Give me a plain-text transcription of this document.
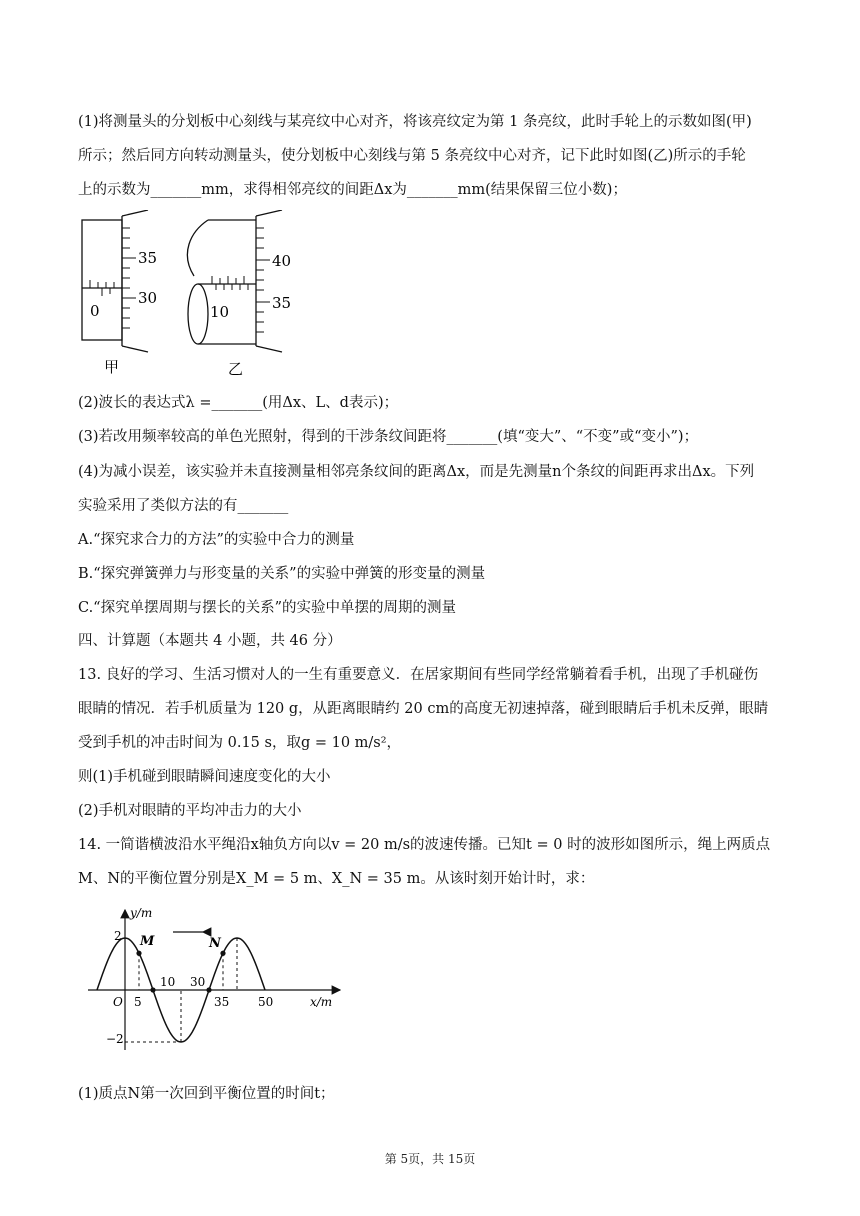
(1)将测量头的分划板中心刻线与某亮纹中心对齐，将该亮纹定为第 1 条亮纹，此时手轮上的示数如图(甲)
所示；然后同方向转动测量头，使分划板中心刻线与第 5 条亮纹中心对齐，记下此时如图(乙)所示的手轮
上的示数为_______mm，求得相邻亮纹的间距Δx为_______mm(结果保留三位小数)；
35
30
0
甲
40
35
10
乙
(2)波长的表达式λ =_______(用Δx、L、d表示)；
(3)若改用频率较高的单色光照射，得到的干涉条纹间距将_______(填“变大”、“不变”或“变小”)；
(4)为减小误差，该实验并未直接测量相邻亮条纹间的距离Δx，而是先测量n个条纹的间距再求出Δx。下列
实验采用了类似方法的有_______
A.“探究求合力的方法”的实验中合力的测量
B.“探究弹簧弹力与形变量的关系”的实验中弹簧的形变量的测量
C.“探究单摆周期与摆长的关系”的实验中单摆的周期的测量
四、计算题（本题共 4 小题，共 46 分）
13. 良好的学习、生活习惯对人的一生有重要意义．在居家期间有些同学经常躺着看手机，出现了手机碰伤
眼睛的情况．若手机质量为 120 g，从距离眼睛约 20 cm的高度无初速掉落，碰到眼睛后手机未反弹，眼睛
受到手机的冲击时间为 0.15 s，取g = 10 m/s²，
则(1)手机碰到眼睛瞬间速度变化的大小
(2)手机对眼睛的平均冲击力的大小
14. 一简谐横波沿水平绳沿x轴负方向以v = 20 m/s的波速传播。已知t = 0 时的波形如图所示，绳上两质点
M、N的平衡位置分别是X_M = 5 m、X_N = 35 m。从该时刻开始计时，求：
y/m
x/m
O
2
−2
5
10 30
35 50
M	N
(1)质点N第一次回到平衡位置的时间t；
第 5页，共 15页
